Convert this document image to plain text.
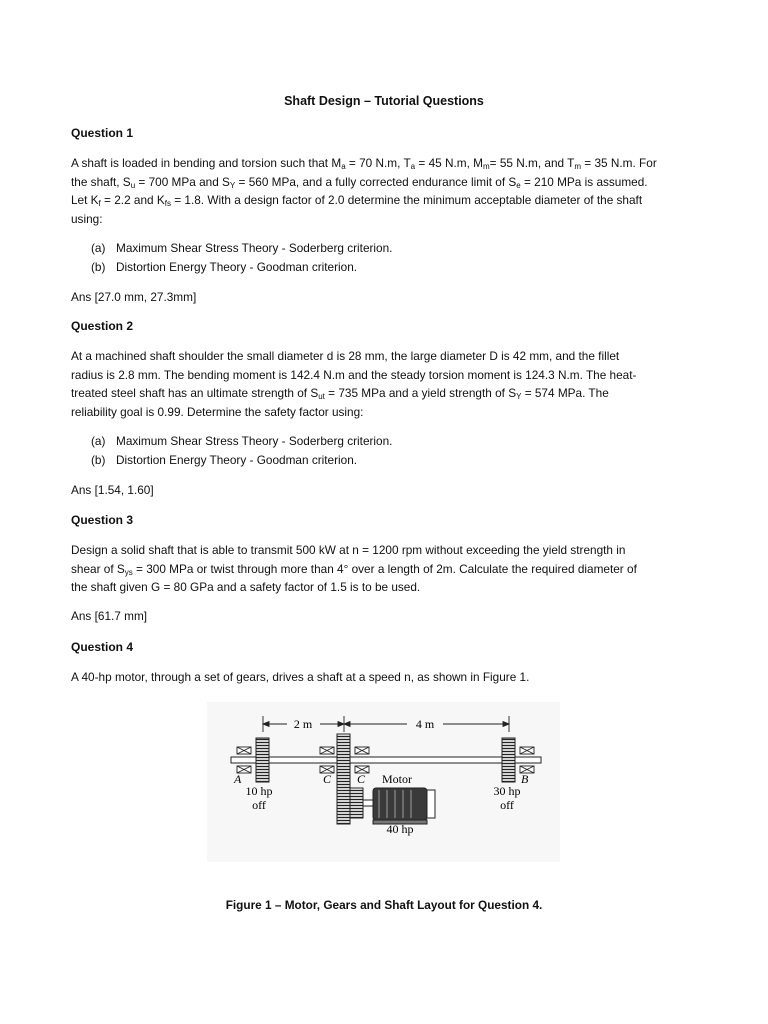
Shaft Design – Tutorial Questions
Question 1

A shaft is loaded in bending and torsion such that $M_a = 70$ N.m, $T_a = 45$ N.m, $M_m= 55$ N.m, and $T_m = 35$ N.m. For

the shaft, $S_u = 700$ MPa and $S_Y = 560$ MPa, and a fully corrected endurance limit of $S_e = 210$ MPa is assumed.

Let $K_f = 2.2$ and $K_{fs} = 1.8$. With a design factor of 2.0 determine the minimum acceptable diameter of the shaft

using:

(a) Maximum Shear Stress Theory - Soderberg criterion.
(b) Distortion Energy Theory - Goodman criterion.
Ans [27.0 mm, 27.3mm]
Question 2

At a machined shaft shoulder the small diameter d is 28 mm, the large diameter D is 42 mm, and the fillet

radius is 2.8 mm. The bending moment is 142.4 N.m and the steady torsion moment is 124.3 N.m. The heat-

treated steel shaft has an ultimate strength of $S_{ut} = 735$ MPa and a yield strength of $S_Y = 574$ MPa. The

reliability goal is 0.99. Determine the safety factor using:

(a) Maximum Shear Stress Theory - Soderberg criterion.
(b) Distortion Energy Theory - Goodman criterion.
Ans [1.54, 1.60]
Question 3

Design a solid shaft that is able to transmit 500 kW at n = 1200 rpm without exceeding the yield strength in

shear of $S_{ys} = 300$ MPa or twist through more than 4° over a length of 2m. Calculate the required diameter of

the shaft given G = 80 GPa and a safety factor of 1.5 is to be used.

Ans [61.7 mm]
Question 4

A 40-hp motor, through a set of gears, drives a shaft at a speed n, as shown in Figure 1.

2 m	4 m
A	B
C C Motor
10 hp
off
30 hp
off
40 hp
Figure 1 – Motor, Gears and Shaft Layout for Question 4.
